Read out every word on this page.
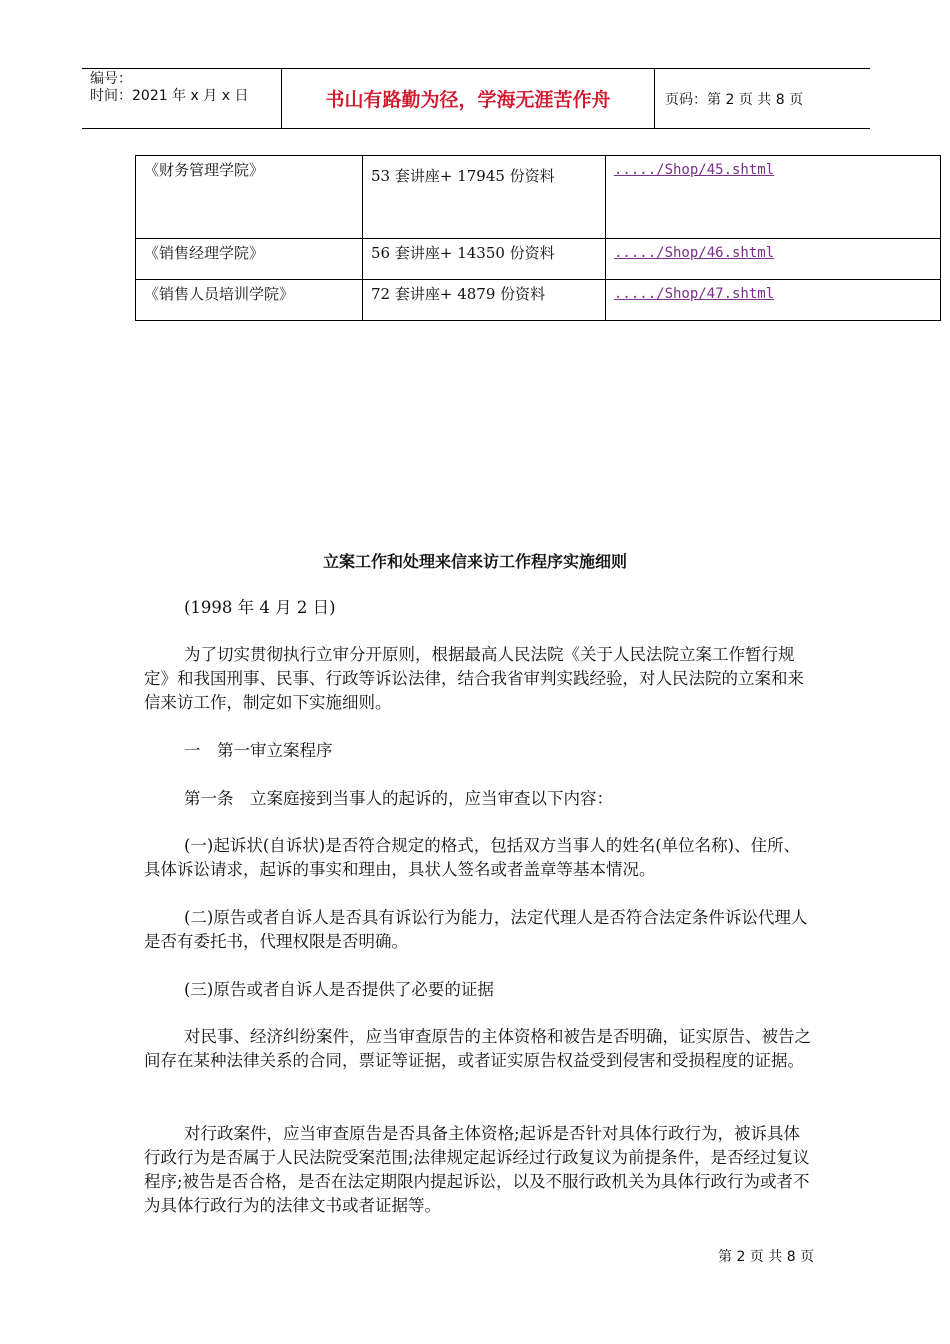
编号：
时间：2021 年 x 月 x 日	书山有路勤为径，学海无涯苦作舟	页码：第 2 页 共 8 页
《财务管理学院》	53 套讲座+ 17945 份资料	...../Shop/45.shtml
《销售经理学院》	56 套讲座+ 14350 份资料	...../Shop/46.shtml
《销售人员培训学院》	72 套讲座+ 4879 份资料	...../Shop/47.shtml
立案工作和处理来信来访工作程序实施细则

(1998 年 4 月 2 日)

为了切实贯彻执行立审分开原则，根据最高人民法院《关于人民法院立案工作暂行规定》和我国刑事、民事、行政等诉讼法律，结合我省审判实践经验，对人民法院的立案和来信来访工作，制定如下实施细则。

一　第一审立案程序

第一条　立案庭接到当事人的起诉的，应当审查以下内容：

(一)起诉状(自诉状)是否符合规定的格式，包括双方当事人的姓名(单位名称)、住所、具体诉讼请求，起诉的事实和理由，具状人签名或者盖章等基本情况。

(二)原告或者自诉人是否具有诉讼行为能力，法定代理人是否符合法定条件诉讼代理人是否有委托书，代理权限是否明确。

(三)原告或者自诉人是否提供了必要的证据

对民事、经济纠纷案件，应当审查原告的主体资格和被告是否明确，证实原告、被告之间存在某种法律关系的合同，票证等证据，或者证实原告权益受到侵害和受损程度的证据。

对行政案件，应当审查原告是否具备主体资格;起诉是否针对具体行政行为，被诉具体行政行为是否属于人民法院受案范围;法律规定起诉经过行政复议为前提条件，是否经过复议程序;被告是否合格，是否在法定期限内提起诉讼，以及不服行政机关为具体行政行为或者不为具体行政行为的法律文书或者证据等。

第 2 页 共 8 页
